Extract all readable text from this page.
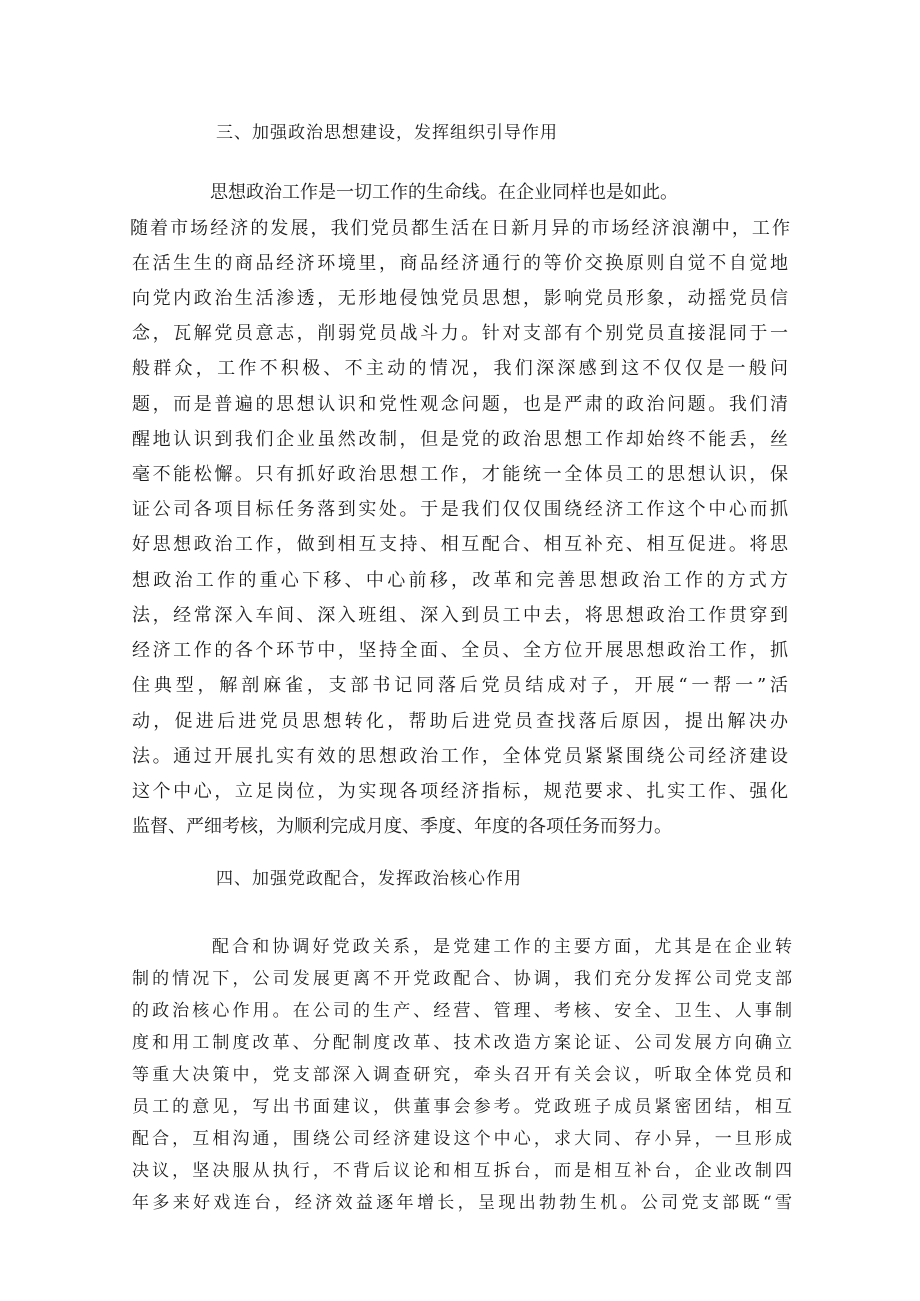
三、加强政治思想建设，发挥组织引导作用
思想政治工作是一切工作的生命线。在企业同样也是如此。
随着市场经济的发展，我们党员都生活在日新月异的市场经济浪潮中，工作
在活生生的商品经济环境里，商品经济通行的等价交换原则自觉不自觉地
向党内政治生活渗透，无形地侵蚀党员思想，影响党员形象，动摇党员信
念，瓦解党员意志，削弱党员战斗力。针对支部有个别党员直接混同于一
般群众，工作不积极、不主动的情况，我们深深感到这不仅仅是一般问
题，而是普遍的思想认识和党性观念问题，也是严肃的政治问题。我们清
醒地认识到我们企业虽然改制，但是党的政治思想工作却始终不能丢，丝
毫不能松懈。只有抓好政治思想工作，才能统一全体员工的思想认识，保
证公司各项目标任务落到实处。于是我们仅仅围绕经济工作这个中心而抓
好思想政治工作，做到相互支持、相互配合、相互补充、相互促进。将思
想政治工作的重心下移、中心前移，改革和完善思想政治工作的方式方
法，经常深入车间、深入班组、深入到员工中去，将思想政治工作贯穿到
经济工作的各个环节中，坚持全面、全员、全方位开展思想政治工作，抓
住典型，解剖麻雀，支部书记同落后党员结成对子，开展“一帮一”活
动，促进后进党员思想转化，帮助后进党员查找落后原因，提出解决办
法。通过开展扎实有效的思想政治工作，全体党员紧紧围绕公司经济建设
这个中心，立足岗位，为实现各项经济指标，规范要求、扎实工作、强化
监督、严细考核，为顺利完成月度、季度、年度的各项任务而努力。
四、加强党政配合，发挥政治核心作用
配合和协调好党政关系，是党建工作的主要方面，尤其是在企业转
制的情况下，公司发展更离不开党政配合、协调，我们充分发挥公司党支部
的政治核心作用。在公司的生产、经营、管理、考核、安全、卫生、人事制
度和用工制度改革、分配制度改革、技术改造方案论证、公司发展方向确立
等重大决策中，党支部深入调查研究，牵头召开有关会议，听取全体党员和
员工的意见，写出书面建议，供董事会参考。党政班子成员紧密团结，相互
配合，互相沟通，围绕公司经济建设这个中心，求大同、存小异，一旦形成
决议，坚决服从执行，不背后议论和相互拆台，而是相互补台，企业改制四
年多来好戏连台，经济效益逐年增长，呈现出勃勃生机。公司党支部既“雪
